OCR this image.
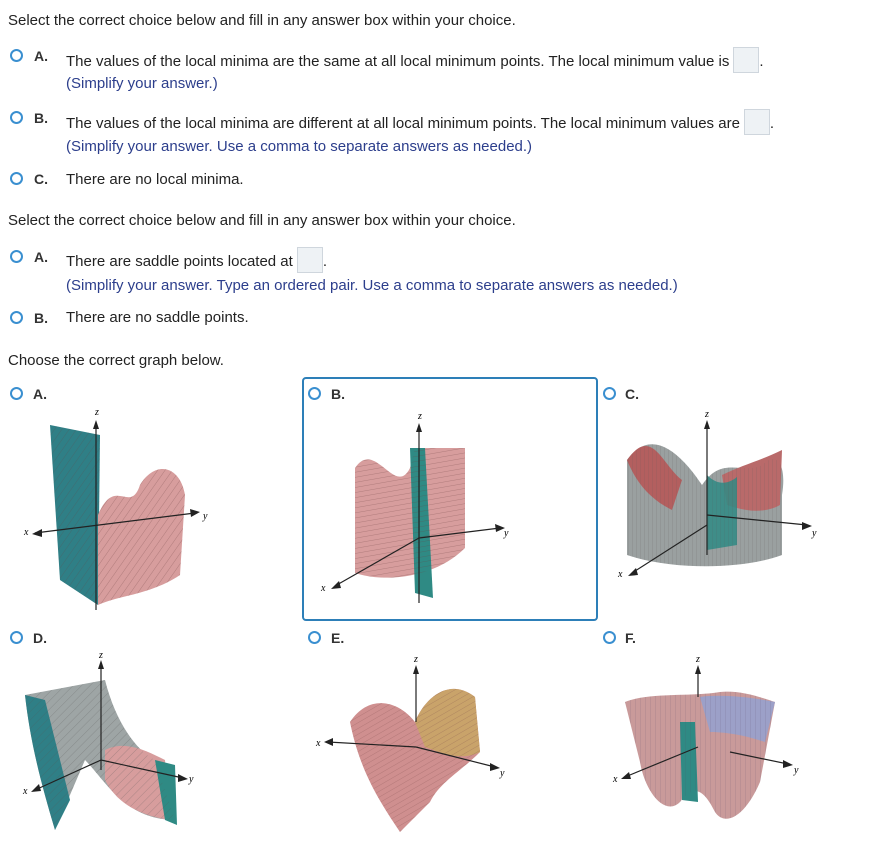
Select the correct choice below and fill in any answer box within your choice.
A. The values of the local minima are the same at all local minimum points. The local minimum value is .
(Simplify your answer.)
B. The values of the local minima are different at all local minimum points. The local minimum values are .
(Simplify your answer. Use a comma to separate answers as needed.)
C. There are no local minima.
Select the correct choice below and fill in any answer box within your choice.
A. There are saddle points located at .
(Simplify your answer. Type an ordered pair. Use a comma to separate answers as needed.)
B. There are no saddle points.
Choose the correct graph below.
A.
z
y
x
B.
z
y
x
C.
z
y
x
D.
z
y
x
E.
z
y
x
F.
z
y
x
